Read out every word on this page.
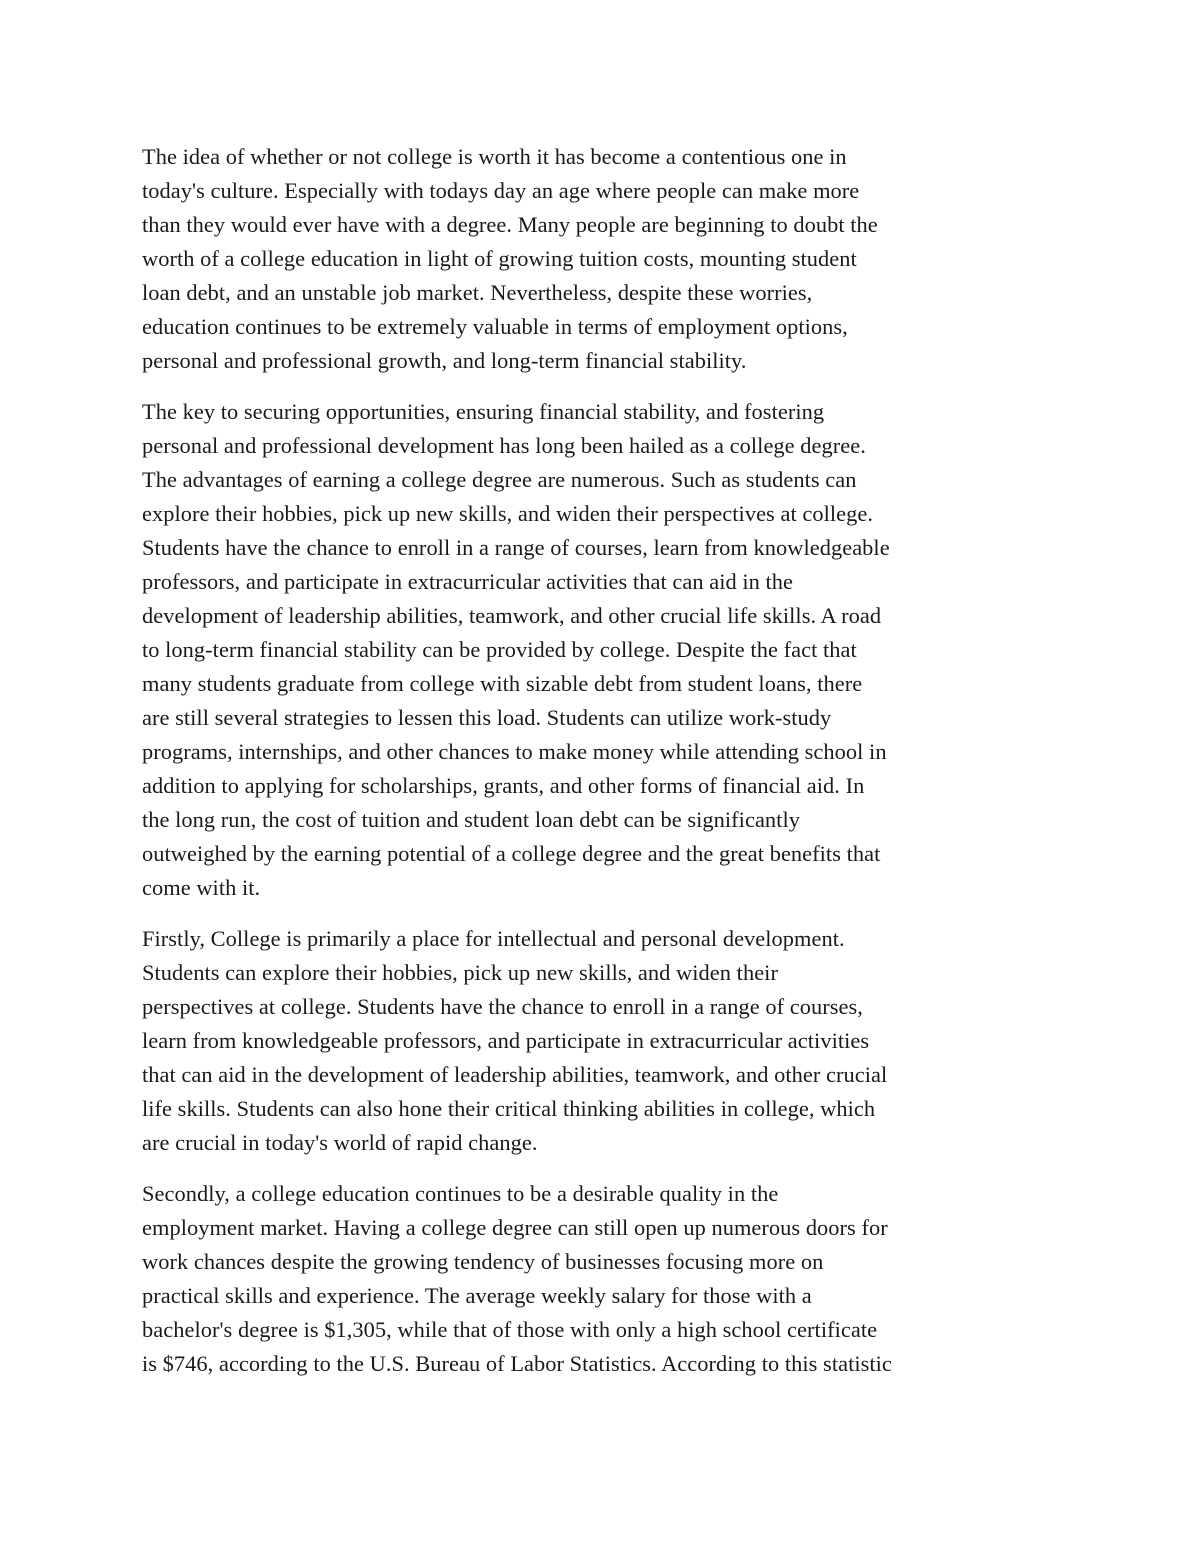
The idea of whether or not college is worth it has become a contentious one in
today's culture. Especially with todays day an age where people can make more
than they would ever have with a degree. Many people are beginning to doubt the
worth of a college education in light of growing tuition costs, mounting student
loan debt, and an unstable job market. Nevertheless, despite these worries,
education continues to be extremely valuable in terms of employment options,
personal and professional growth, and long-term financial stability.

The key to securing opportunities, ensuring financial stability, and fostering
personal and professional development has long been hailed as a college degree.
The advantages of earning a college degree are numerous. Such as students can
explore their hobbies, pick up new skills, and widen their perspectives at college.
Students have the chance to enroll in a range of courses, learn from knowledgeable
professors, and participate in extracurricular activities that can aid in the
development of leadership abilities, teamwork, and other crucial life skills. A road
to long-term financial stability can be provided by college. Despite the fact that
many students graduate from college with sizable debt from student loans, there
are still several strategies to lessen this load. Students can utilize work-study
programs, internships, and other chances to make money while attending school in
addition to applying for scholarships, grants, and other forms of financial aid. In
the long run, the cost of tuition and student loan debt can be significantly
outweighed by the earning potential of a college degree and the great benefits that
come with it.

Firstly, College is primarily a place for intellectual and personal development.
Students can explore their hobbies, pick up new skills, and widen their
perspectives at college. Students have the chance to enroll in a range of courses,
learn from knowledgeable professors, and participate in extracurricular activities
that can aid in the development of leadership abilities, teamwork, and other crucial
life skills. Students can also hone their critical thinking abilities in college, which
are crucial in today's world of rapid change.

Secondly, a college education continues to be a desirable quality in the
employment market. Having a college degree can still open up numerous doors for
work chances despite the growing tendency of businesses focusing more on
practical skills and experience. The average weekly salary for those with a
bachelor's degree is $1,305, while that of those with only a high school certificate
is $746, according to the U.S. Bureau of Labor Statistics. According to this statistic
